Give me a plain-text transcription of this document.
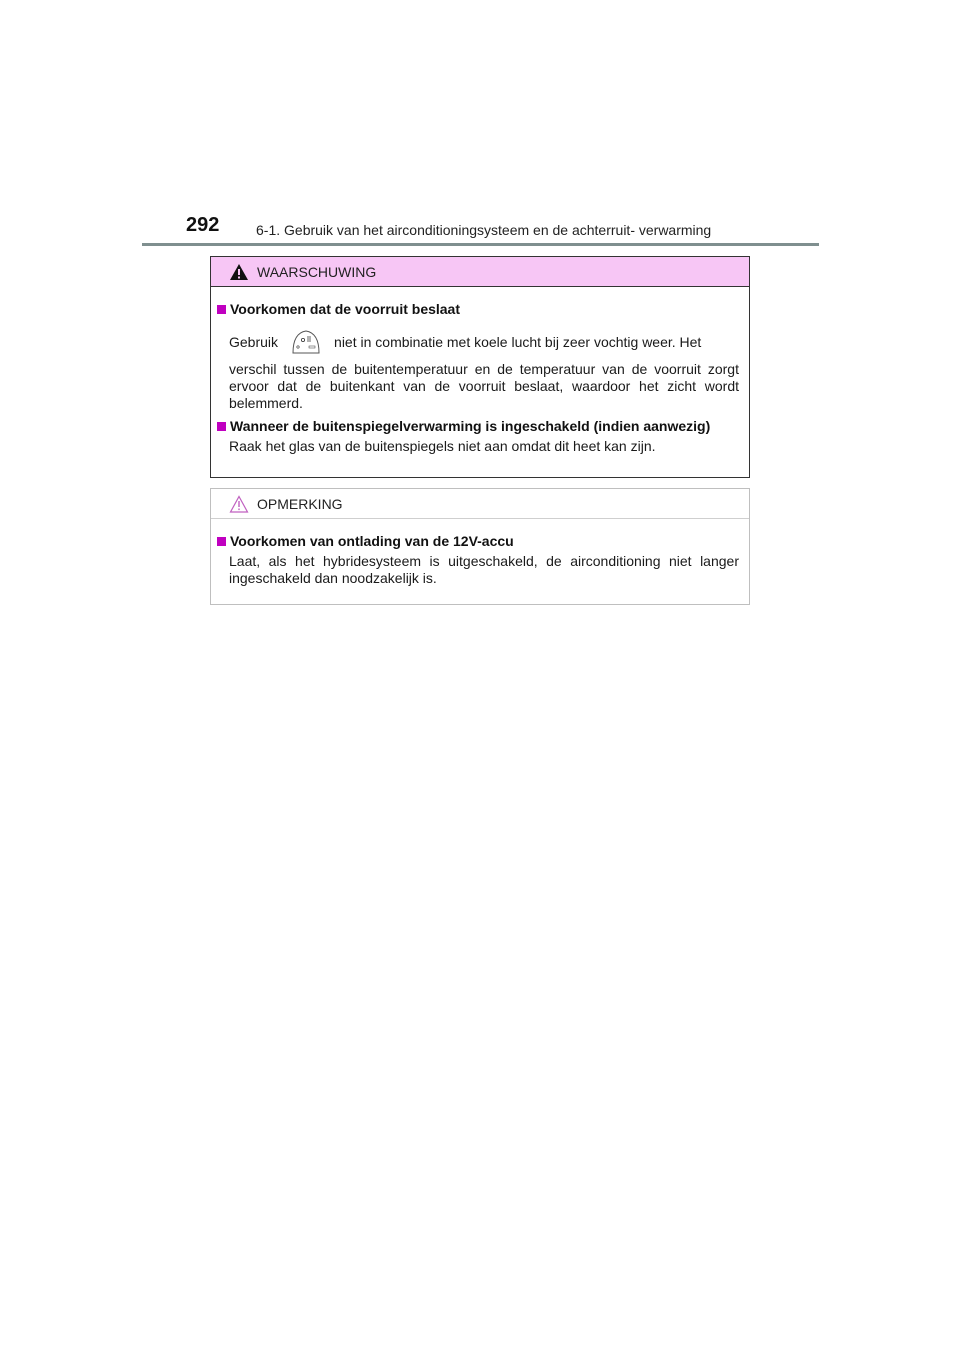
292	6-1. Gebruik van het airconditioningsysteem en de achterruit- verwarming
WAARSCHUWING
Voorkomen dat de voorruit beslaat
Gebruik	niet in combinatie met koele lucht bij zeer vochtig weer. Het
verschil tussen de buitentemperatuur en de temperatuur van de voorruit zorgt ervoor dat de buitenkant van de voorruit beslaat, waardoor het zicht wordt belemmerd.
Wanneer de buitenspiegelverwarming is ingeschakeld (indien aanwezig)
Raak het glas van de buitenspiegels niet aan omdat dit heet kan zijn.
OPMERKING
Voorkomen van ontlading van de 12V-accu
Laat, als het hybridesysteem is uitgeschakeld, de airconditioning niet langer ingeschakeld dan noodzakelijk is.
